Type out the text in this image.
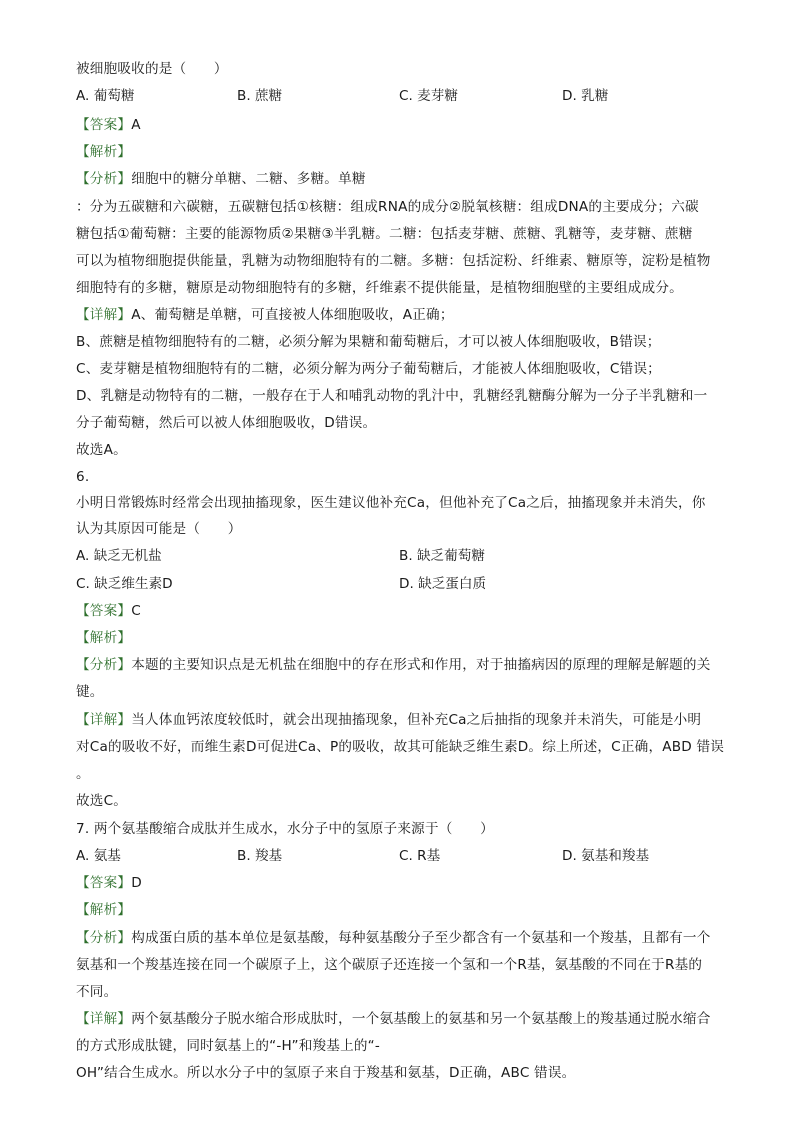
被细胞吸收的是（　　）
A. 葡萄糖	B. 蔗糖	C. 麦芽糖	D. 乳糖
【答案】A
【解析】
【分析】细胞中的糖分单糖、二糖、多糖。单糖
：分为五碳糖和六碳糖，五碳糖包括①核糖：组成RNA的成分②脱氧核糖：组成DNA的主要成分；六碳
糖包括①葡萄糖：主要的能源物质②果糖③半乳糖。二糖：包括麦芽糖、蔗糖、乳糖等，麦芽糖、蔗糖
可以为植物细胞提供能量，乳糖为动物细胞特有的二糖。多糖：包括淀粉、纤维素、糖原等，淀粉是植物
细胞特有的多糖，糖原是动物细胞特有的多糖，纤维素不提供能量，是植物细胞壁的主要组成成分。
【详解】A、葡萄糖是单糖，可直接被人体细胞吸收，A正确；
B、蔗糖是植物细胞特有的二糖，必须分解为果糖和葡萄糖后，才可以被人体细胞吸收，B错误；
C、麦芽糖是植物细胞特有的二糖，必须分解为两分子葡萄糖后，才能被人体细胞吸收，C错误；
D、乳糖是动物特有的二糖，一般存在于人和哺乳动物的乳汁中，乳糖经乳糖酶分解为一分子半乳糖和一
分子葡萄糖，然后可以被人体细胞吸收，D错误。
故选A。
6.
小明日常锻炼时经常会出现抽搐现象，医生建议他补充Ca，但他补充了Ca之后，抽搐现象并未消失，你
认为其原因可能是（　　）
A. 缺乏无机盐	B. 缺乏葡萄糖
C. 缺乏维生素D	D. 缺乏蛋白质
【答案】C
【解析】
【分析】本题的主要知识点是无机盐在细胞中的存在形式和作用，对于抽搐病因的原理的理解是解题的关
键。
【详解】当人体血钙浓度较低时，就会出现抽搐现象，但补充Ca之后抽指的现象并未消失，可能是小明
对Ca的吸收不好，而维生素D可促进Ca、P的吸收，故其可能缺乏维生素D。综上所述，C正确，ABD 错误
。
故选C。
7. 两个氨基酸缩合成肽并生成水，水分子中的氢原子来源于（　　）
A. 氨基	B. 羧基	C. R基	D. 氨基和羧基
【答案】D
【解析】
【分析】构成蛋白质的基本单位是氨基酸，每种氨基酸分子至少都含有一个氨基和一个羧基，且都有一个
氨基和一个羧基连接在同一个碳原子上，这个碳原子还连接一个氢和一个R基，氨基酸的不同在于R基的
不同。
【详解】两个氨基酸分子脱水缩合形成肽时，一个氨基酸上的氨基和另一个氨基酸上的羧基通过脱水缩合
的方式形成肽键，同时氨基上的“-H”和羧基上的“-
OH”结合生成水。所以水分子中的氢原子来自于羧基和氨基，D正确，ABC 错误。
